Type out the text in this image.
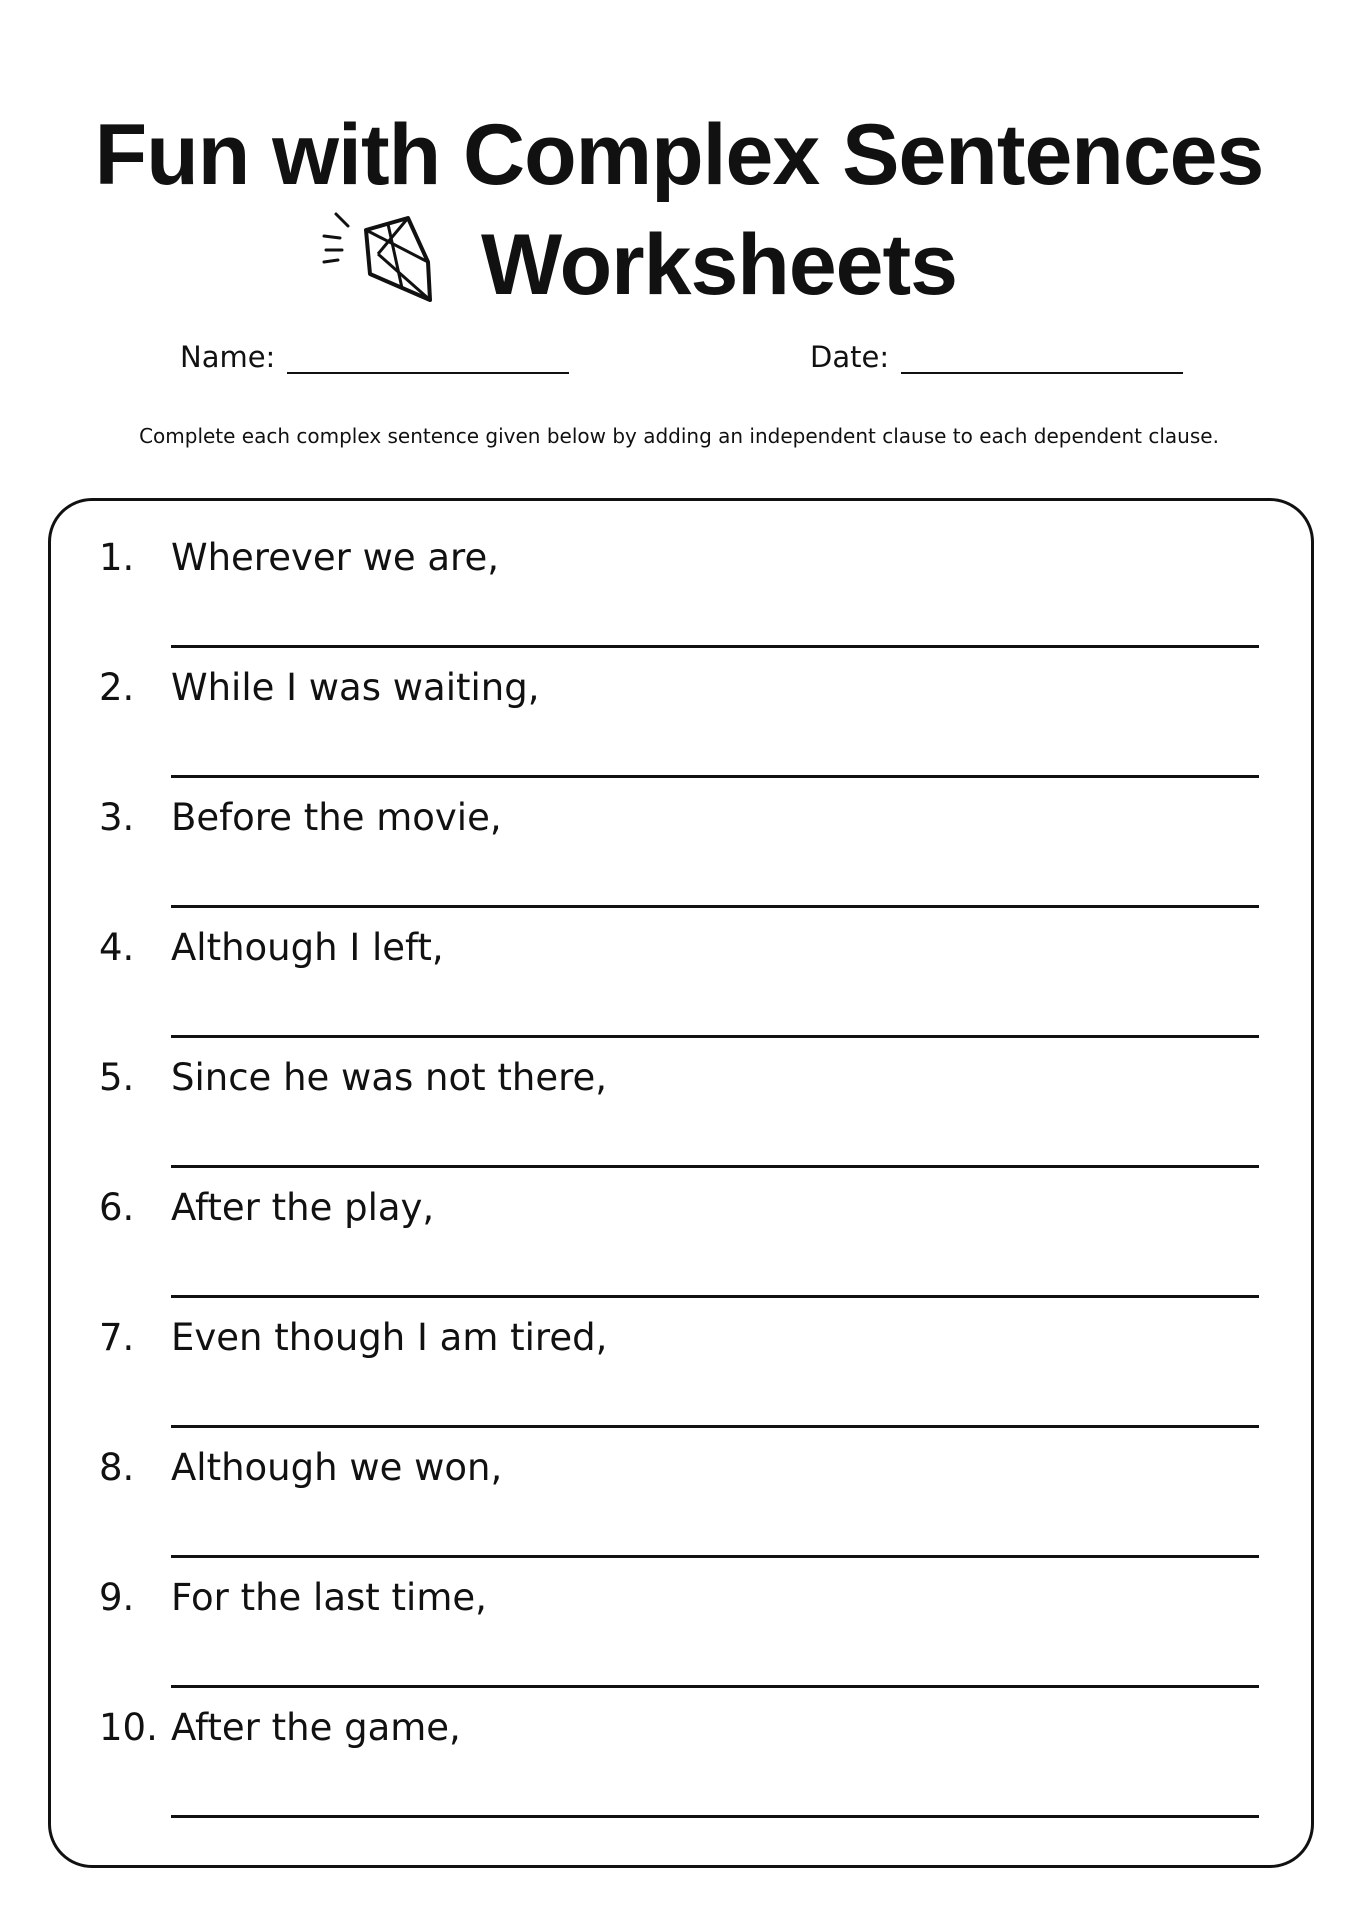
Fun with Complex Sentences
Worksheets
Name:	Date:

Complete each complex sentence given below by adding an independent clause to each dependent clause.

1. Wherever we are,
2. While I was waiting,
3. Before the movie,
4. Although I left,
5. Since he was not there,
6. After the play,
7. Even though I am tired,
8. Although we won,
9. For the last time,
10. After the game,
